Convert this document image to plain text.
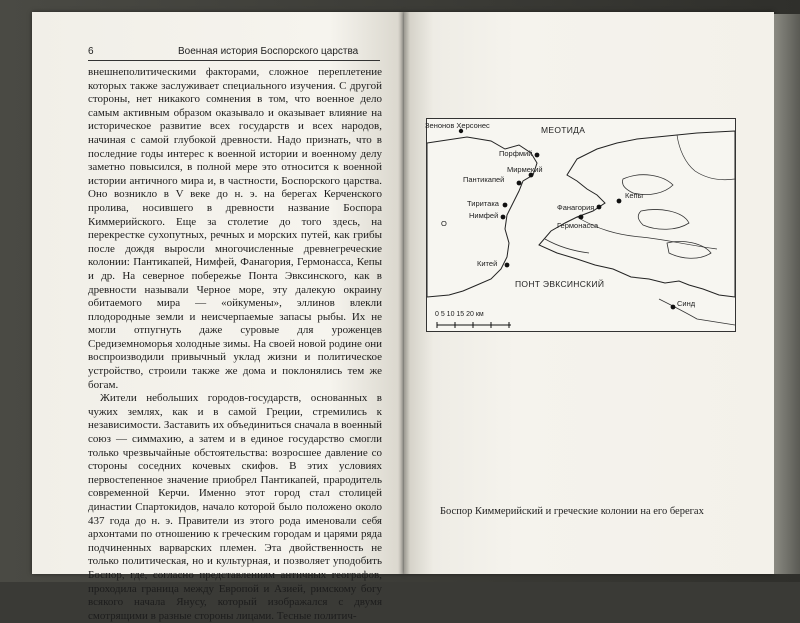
6	Военная история Боспорского царства

внешнеполитическими факторами, сложное переплетение которых также заслуживает специального изучения. С другой стороны, нет никакого сомнения в том, что военное дело самым активным образом оказывало и оказывает влияние на историческое развитие всех государств и всех народов, начиная с самой глубокой древности. Надо признать, что в последние годы интерес к военной истории и военному делу заметно повысился, в полной мере это относится к военной истории античного мира и, в частности, Боспорского царства. Оно возникло в V веке до н. э. на берегах Керченского пролива, носившего в древности название Боспора Киммерийского. Еще за столетие до того здесь, на перекрестке сухопутных, речных и морских путей, как грибы после дождя выросли многочисленные древнегреческие колонии: Пантикапей, Нимфей, Фанагория, Гермонасса, Кепы и др. На северное побережье Понта Эвксинского, как в древности называли Черное море, эту далекую окраину обитаемого мира — «ойкумены», эллинов влекли плодородные земли и неисчерпаемые запасы рыбы. Их не могли отпугнуть даже суровые для уроженцев Средиземноморья холодные зимы. На своей новой родине они воспроизводили привычный уклад жизни и политическое устройство, строили также же дома и поклонялись тем же богам.

Жители небольших городов-государств, основанных в чужих землях, как и в самой Греции, стремились к независимости. Заставить их объединиться сначала в военный союз — симмахию, а затем и в единое государство смогли только чрезвычайные обстоятельства: возросшее давление со стороны соседних кочевых скифов. В этих условиях первостепенное значение приобрел Пантикапей, прародитель современной Керчи. Именно этот город стал столицей династии Спартокидов, начало которой было положено около 437 года до н. э. Правители из этого рода именовали себя архонтами по отношению к греческим городам и царями ряда подчиненных варварских племен. Эта двойственность не только политическая, но и культурная, и позволяет уподобить Боспор, где, согласно представлениям античных географов, проходила граница между Европой и Азией, римскому богу всякого начала Янусу, который изображался с двумя смотрящими в разные стороны лицами. Тесные политич-

Зенонов Херсонес	МЕОТИДА
Порфмий
Мирмекий
Пантикапей
Кепы
Фанагория
Тиритака
Нимфей
Гермонасса
Китей
ПОНТ ЭВКСИНСКИЙ
Синд
О
0 5 10 15 20 км
Боспор Киммерийский и греческие колонии на его берегах
